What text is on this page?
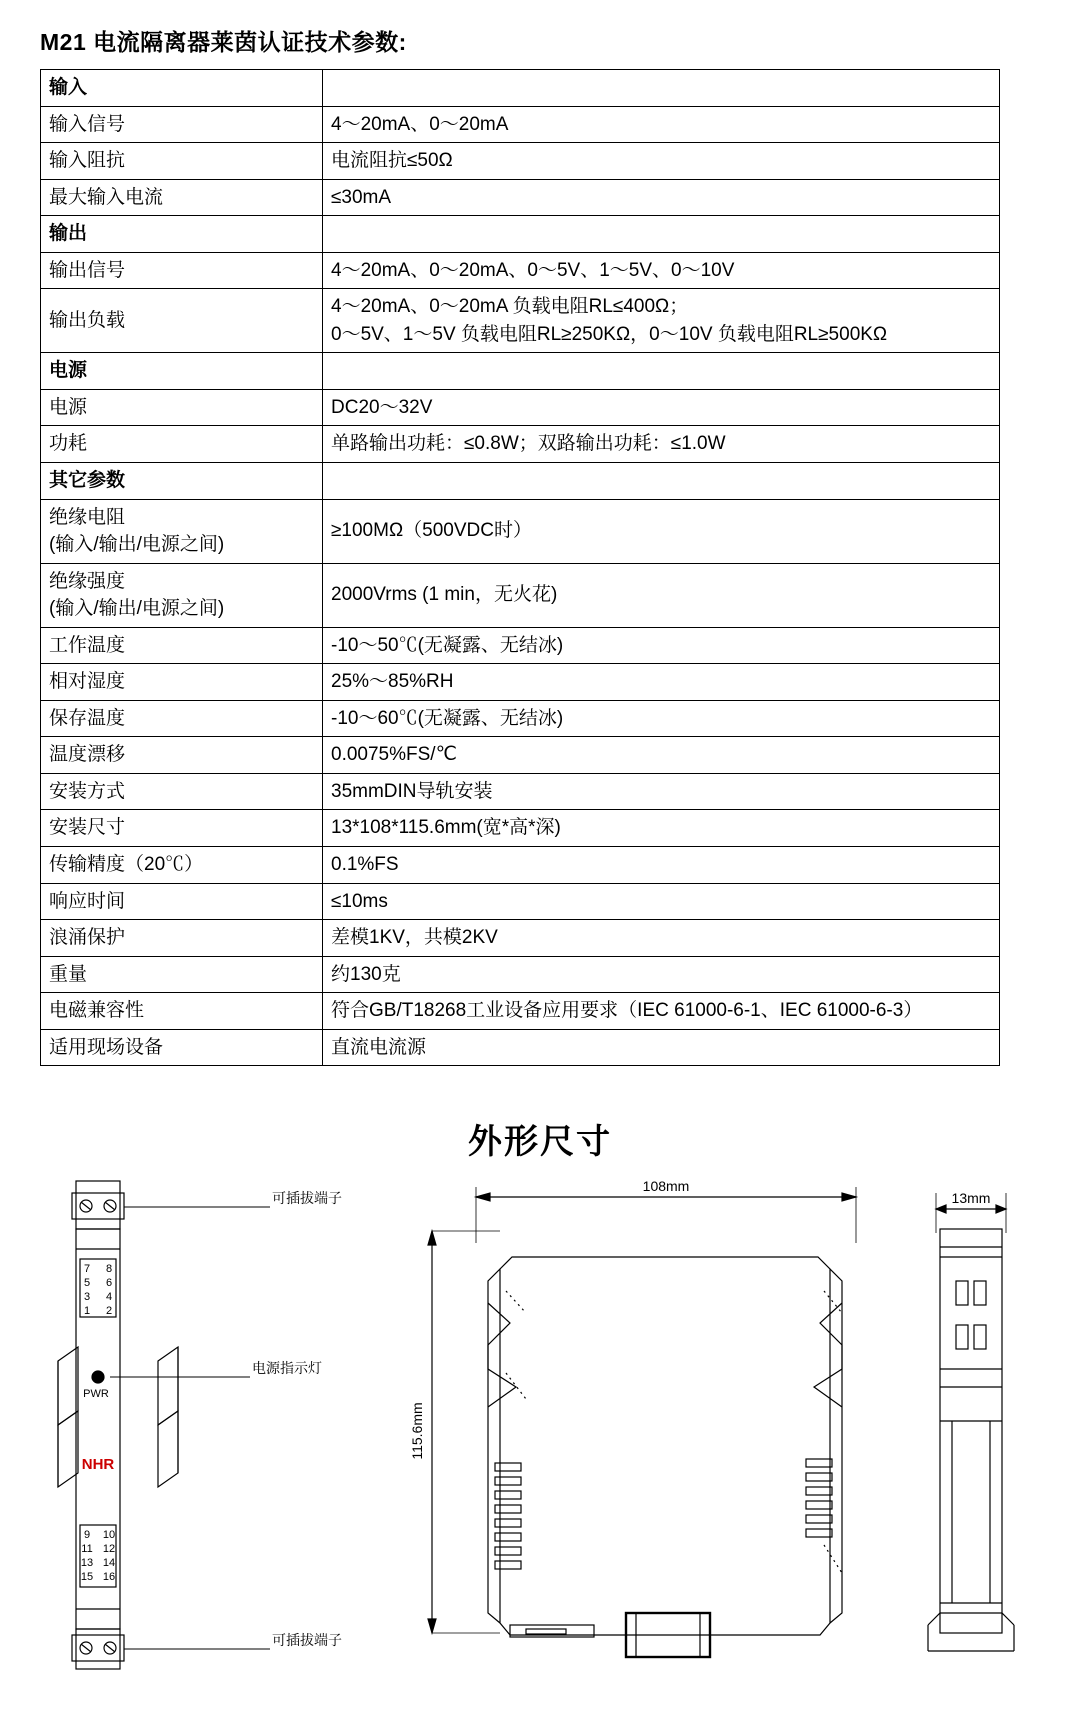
M21 电流隔离器莱茵认证技术参数:
输入	
输入信号	4～20mA、0～20mA
输入阻抗	电流阻抗≤50Ω
最大输入电流	≤30mA
输出	
输出信号	4～20mA、0～20mA、0～5V、1～5V、0～10V
输出负载	4～20mA、0～20mA 负载电阻RL≤400Ω；
0～5V、1～5V 负载电阻RL≥250KΩ，0～10V 负载电阻RL≥500KΩ

电源	
电源	DC20～32V
功耗	单路输出功耗：≤0.8W；双路输出功耗：≤1.0W
其它参数	

绝缘电阻
(输入/输出/电源之间)	≥100MΩ（500VDC时）

绝缘强度
(输入/输出/电源之间)	2000Vrms (1 min，无火花)
工作温度	-10～50℃(无凝露、无结冰)
相对湿度	25%～85%RH
保存温度	-10～60℃(无凝露、无结冰)
温度漂移	0.0075%FS/℃
安装方式	35mmDIN导轨安装
安装尺寸	13*108*115.6mm(宽*高*深)
传输精度（20℃）	0.1%FS
响应时间	≤10ms
浪涌保护	差模1KV，共模2KV
重量	约130克
电磁兼容性	符合GB/T18268工业设备应用要求（IEC 61000-6-1、IEC 61000-6-3）
适用现场设备	直流电流源
外形尺寸
可插拔端子
电源指示灯
可插拔端子
PWR
NHR
7 8
5 6
3 4
1 2
9 10
11 12
13 14
15 16
108mm
115.6mm
13mm
